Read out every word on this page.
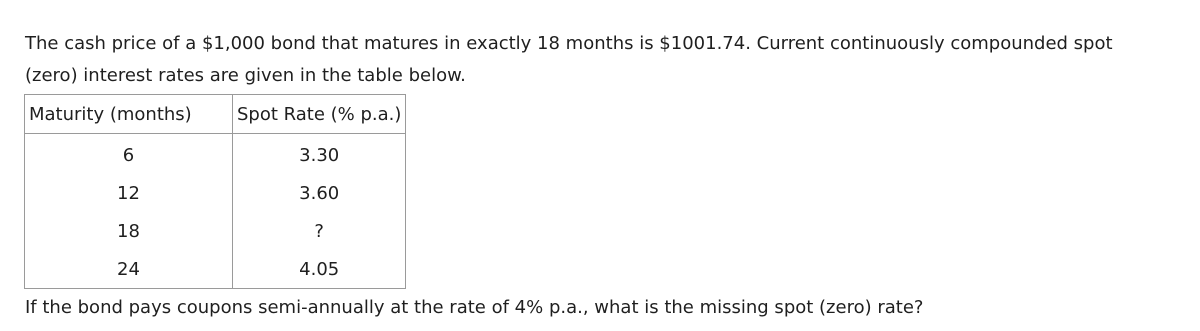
The cash price of a $1,000 bond that matures in exactly 18 months is $1001.74. Current continuously compounded spot
(zero) interest rates are given in the table below.

Maturity (months)	Spot Rate (% p.a.)
6	3.30
12	3.60
18	?
24	4.05

If the bond pays coupons semi-annually at the rate of 4% p.a., what is the missing spot (zero) rate?
